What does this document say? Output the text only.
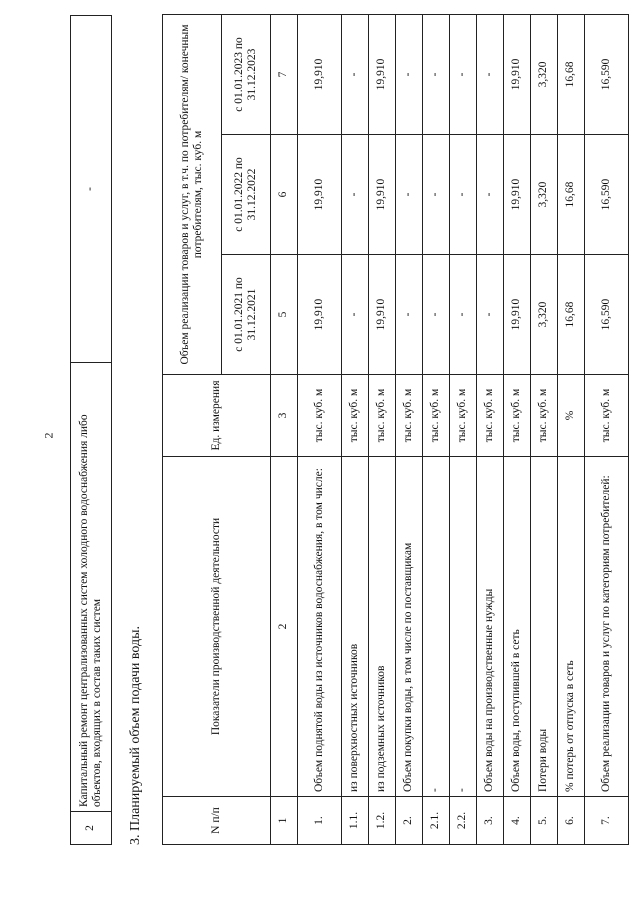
2
2	Капитальный ремонт централизованных систем холодного водоснабжения либо объектов, входящих в состав таких систем	-
3. Планируемый объем подачи воды.	N п/п	Показатели производственной деятельности	Ед. измерения	Объем реализации товаров и услуг, в т.ч. по потребителям/ конечным потребителям, тыс. куб. м		
			с 01.01.2021 по 31.12.2021	с 01.01.2022 по 31.12.2022	с 01.01.2023 по 31.12.2023
1	2	3	5	6	7
1.	Объем поднятой воды из источников водоснабжения, в том числе:	тыс. куб. м	19,910	19,910	19,910
1.1.	из поверхностных источников	тыс. куб. м	-	-	-
1.2.	из подземных источников	тыс. куб. м	19,910	19,910	19,910
2.	Объем покупки воды, в том числе по поставщикам	тыс. куб. м	-	-	-
2.1.	-	тыс. куб. м	-	-	-
2.2.	-	тыс. куб. м	-	-	-
3.	Объем воды на производственные нужды	тыс. куб. м	-	-	-
4.	Объем воды, поступившей в сеть	тыс. куб. м	19,910	19,910	19,910
5.	Потери воды	тыс. куб. м	3,320	3,320	3,320
6.	% потерь от отпуска в сеть	%	16,68	16,68	16,68
7.	Объем реализации товаров и услуг по категориям потребителей:	тыс. куб. м	16,590	16,590	16,590
